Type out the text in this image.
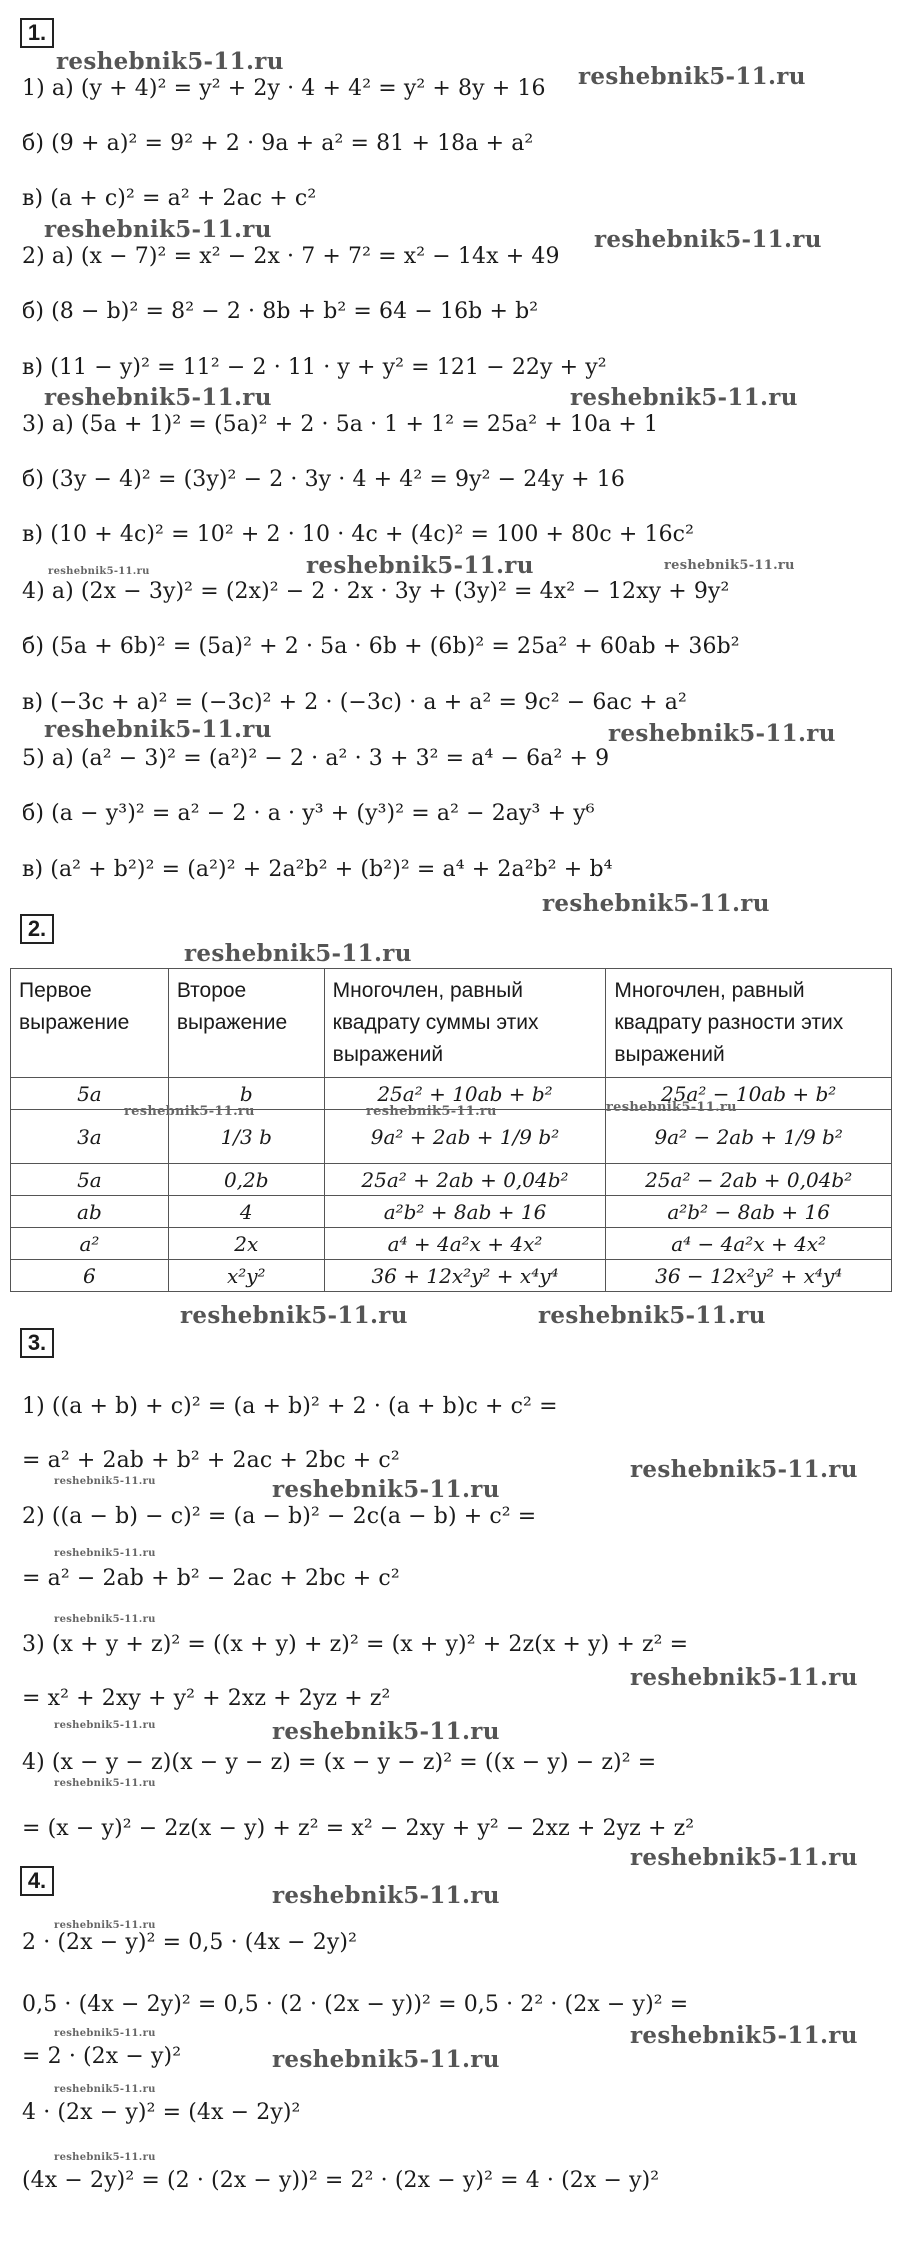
1.
reshebnik5-11.ru
reshebnik5-11.ru
1) а) (y + 4)² = y² + 2y · 4 + 4² = y² + 8y + 16
б) (9 + a)² = 9² + 2 · 9a + a² = 81 + 18a + a²
в) (a + c)² = a² + 2ac + c²
reshebnik5-11.ru	reshebnik5-11.ru
2) а) (x − 7)² = x² − 2x · 7 + 7² = x² − 14x + 49
б) (8 − b)² = 8² − 2 · 8b + b² = 64 − 16b + b²
в) (11 − y)² = 11² − 2 · 11 · y + y² = 121 − 22y + y²
reshebnik5-11.ru	reshebnik5-11.ru
3) а) (5a + 1)² = (5a)² + 2 · 5a · 1 + 1² = 25a² + 10a + 1
б) (3y − 4)² = (3y)² − 2 · 3y · 4 + 4² = 9y² − 24y + 16
в) (10 + 4c)² = 10² + 2 · 10 · 4c + (4c)² = 100 + 80c + 16c²
reshebnik5-11.ru	reshebnik5-11.ru
reshebnik5-11.ru
4) а) (2x − 3y)² = (2x)² − 2 · 2x · 3y + (3y)² = 4x² − 12xy + 9y²
б) (5a + 6b)² = (5a)² + 2 · 5a · 6b + (6b)² = 25a² + 60ab + 36b²
в) (−3c + a)² = (−3c)² + 2 · (−3c) · a + a² = 9c² − 6ac + a²
reshebnik5-11.ru	reshebnik5-11.ru
5) а) (a² − 3)² = (a²)² − 2 · a² · 3 + 3² = a⁴ − 6a² + 9
б) (a − y³)² = a² − 2 · a · y³ + (y³)² = a² − 2ay³ + y⁶
в) (a² + b²)² = (a²)² + 2a²b² + (b²)² = a⁴ + 2a²b² + b⁴
reshebnik5-11.ru
2.
reshebnik5-11.ru
Первое выражение	Второе выражение	Многочлен, равный квадрату суммы этих выражений	Многочлен, равный квадрату разности этих выражений
5a	b	25a² + 10ab + b²	25a² − 10ab + b²
3a	1/3 b	9a² + 2ab + 1/9 b²	9a² − 2ab + 1/9 b²
5a	0,2b	25a² + 2ab + 0,04b²	25a² − 2ab + 0,04b²
ab	4	a²b² + 8ab + 16	a²b² − 8ab + 16
a²	2x	a⁴ + 4a²x + 4x²	a⁴ − 4a²x + 4x²
6	x²y²	36 + 12x²y² + x⁴y⁴	36 − 12x²y² + x⁴y⁴
reshebnik5-11.ru	reshebnik5-11.ru	reshebnik5-11.ru
reshebnik5-11.ru	reshebnik5-11.ru
3.
1) ((a + b) + c)² = (a + b)² + 2 · (a + b)c + c² =
reshebnik5-11.ru
= a² + 2ab + b² + 2ac + 2bc + c²
reshebnik5-11.ru	reshebnik5-11.ru
2) ((a − b) − c)² = (a − b)² − 2c(a − b) + c² =
reshebnik5-11.ru
= a² − 2ab + b² − 2ac + 2bc + c²
reshebnik5-11.ru
3) (x + y + z)² = ((x + y) + z)² = (x + y)² + 2z(x + y) + z² =
reshebnik5-11.ru
= x² + 2xy + y² + 2xz + 2yz + z²
reshebnik5-11.ru	reshebnik5-11.ru
4) (x − y − z)(x − y − z) = (x − y − z)² = ((x − y) − z)² =
reshebnik5-11.ru
= (x − y)² − 2z(x − y) + z² = x² − 2xy + y² − 2xz + 2yz + z²
reshebnik5-11.ru
4.
reshebnik5-11.ru
reshebnik5-11.ru
2 · (2x − y)² = 0,5 · (4x − 2y)²
0,5 · (4x − 2y)² = 0,5 · (2 · (2x − y))² = 0,5 · 2² · (2x − y)² =
reshebnik5-11.ru	reshebnik5-11.ru
= 2 · (2x − y)²	reshebnik5-11.ru
reshebnik5-11.ru
4 · (2x − y)² = (4x − 2y)²
reshebnik5-11.ru
(4x − 2y)² = (2 · (2x − y))² = 2² · (2x − y)² = 4 · (2x − y)²
